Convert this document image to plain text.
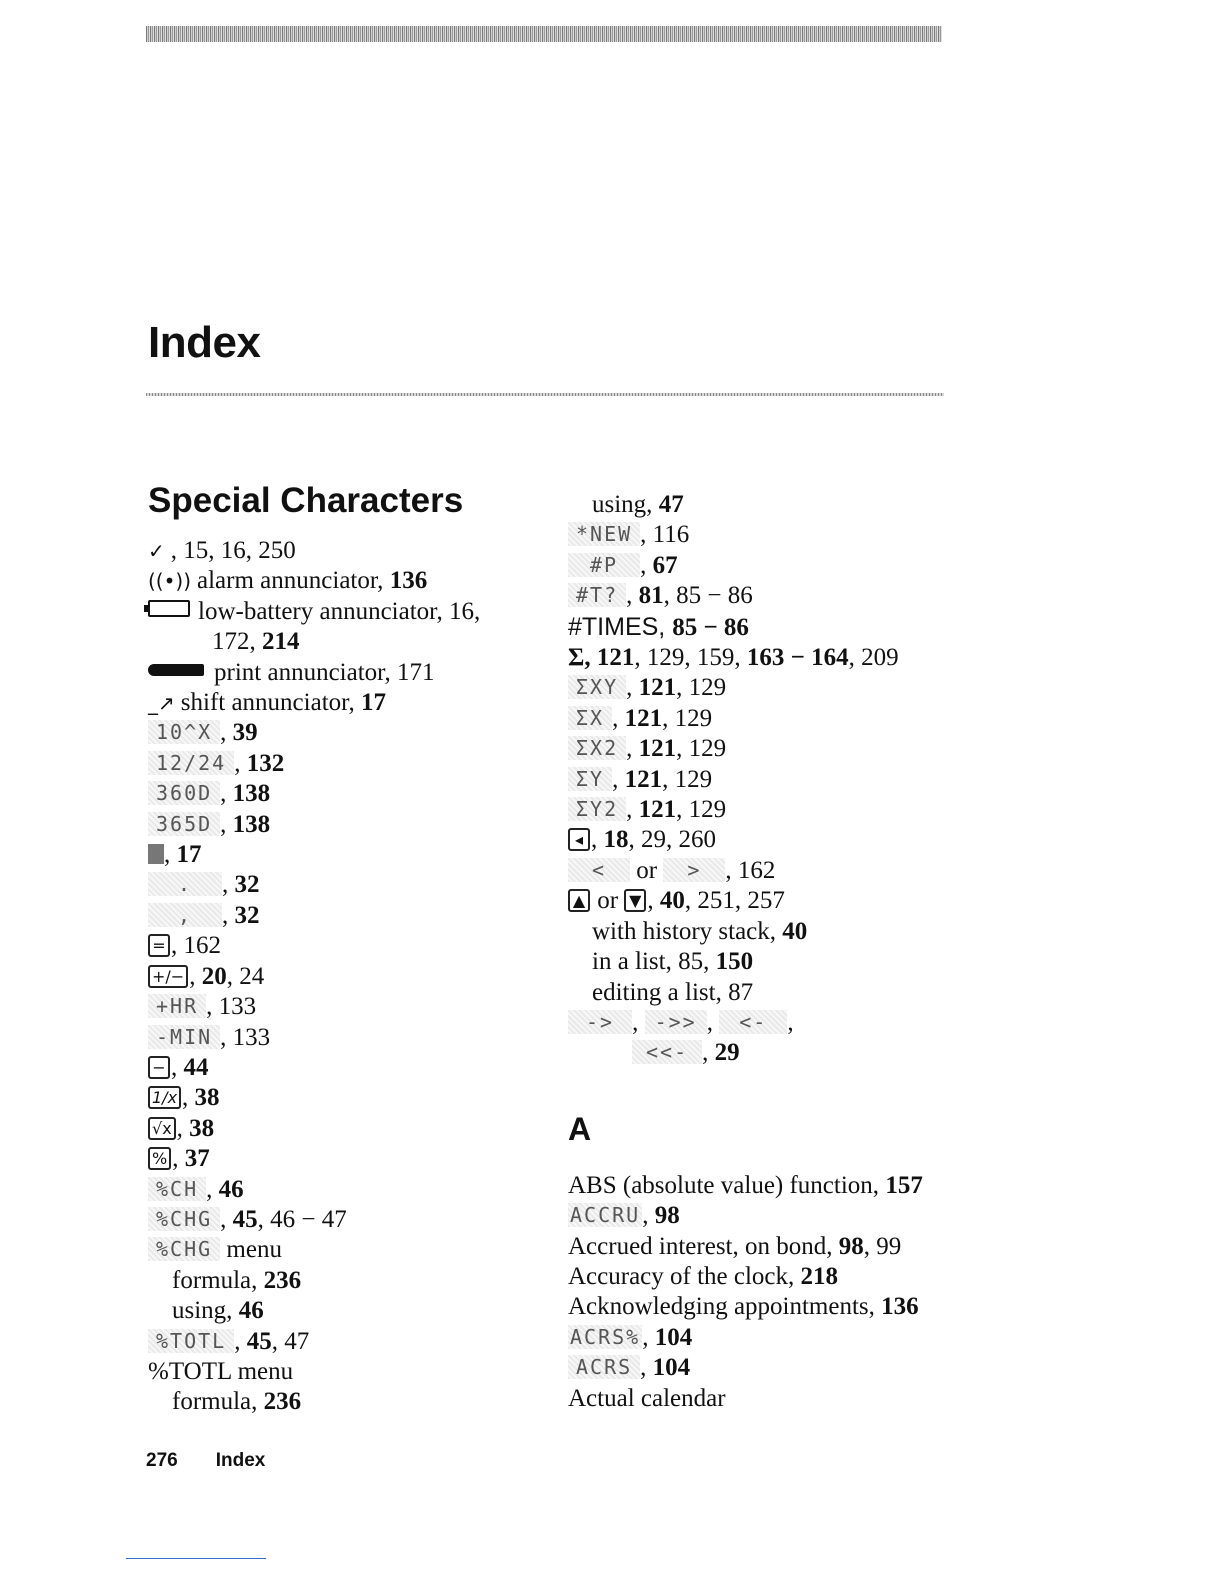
Index
Special Characters
✓ , 15, 16, 250
((•)) alarm annunciator, 136
low-battery annunciator, 16,
172, 214
print annunciator, 171
_↗ shift annunciator, 17
10^X , 39
12/24 , 132
360D , 138
365D , 138
, 17
. , 32
, , 32
= , 162
+/− , 20, 24
+HR , 133
-MIN , 133
− , 44
1/x , 38
√x , 38
% , 37
%CH , 46
%CHG , 45, 46 − 47
%CHG menu
formula, 236
using, 46
%TOTL , 45, 47
%TOTL menu
formula, 236
using, 47
*NEW , 116
#P , 67
#T? , 81, 85 − 86
#TIMES, 85 − 86
Σ, 121, 129, 159, 163 − 164, 209
ΣXY , 121, 129
ΣX , 121, 129
ΣX2 , 121, 129
ΣY , 121, 129
ΣY2 , 121, 129
◂ , 18, 29, 260
< or > , 162
▲ or ▼ , 40, 251, 257
with history stack, 40
in a list, 85, 150
editing a list, 87
-> , ->> , <- ,
<<- , 29
A
ABS (absolute value) function, 157
ACCRU, 98
Accrued interest, on bond, 98, 99
Accuracy of the clock, 218
Acknowledging appointments, 136
ACRS%, 104
ACRS , 104
Actual calendar
276 Index
